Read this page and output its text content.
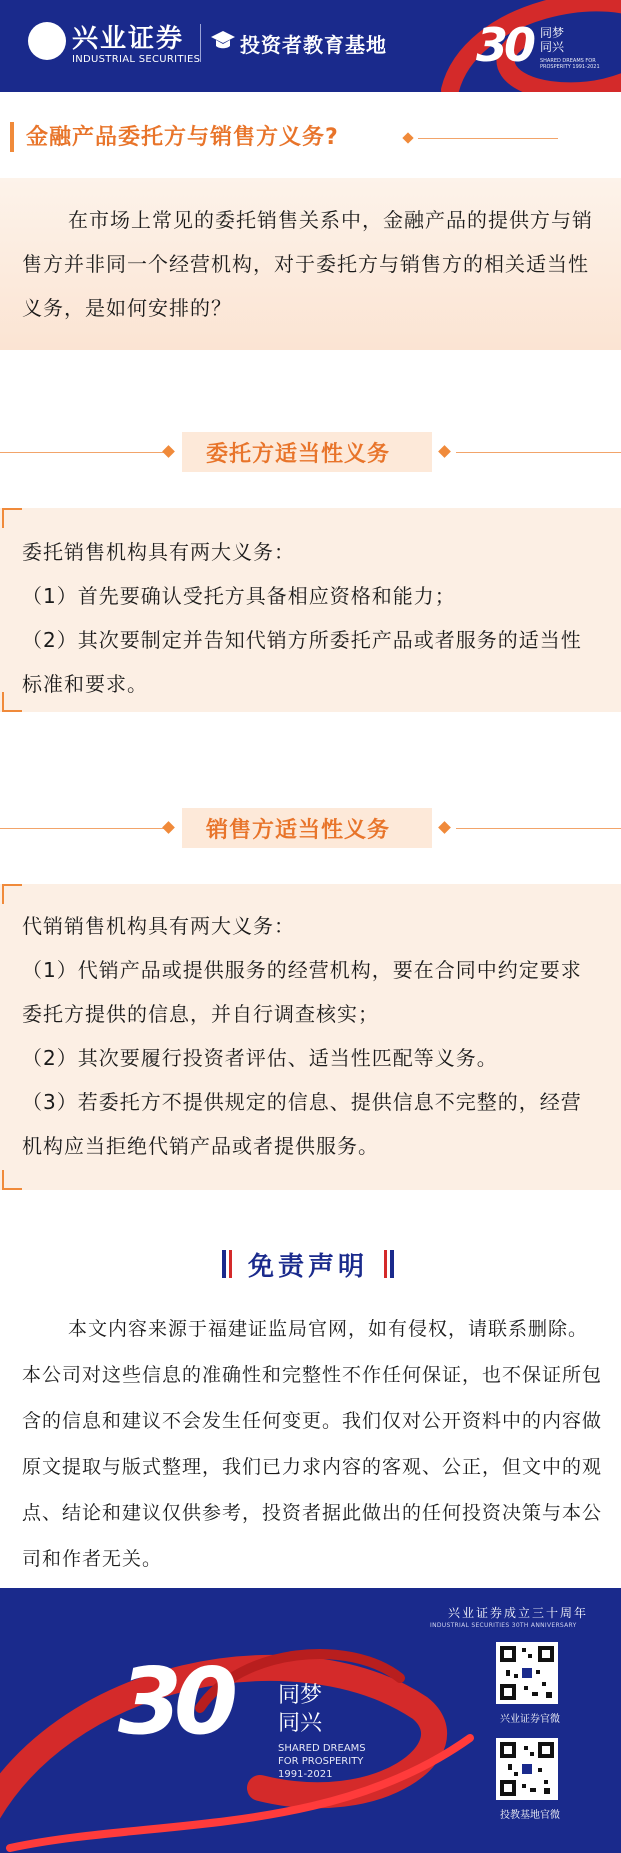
兴业证券
INDUSTRIAL SECURITIES
投资者教育基地 30 同梦
同兴
SHARED DREAMS FOR PROSPERITY 1991-2021
金融产品委托方与销售方义务?
在市场上常见的委托销售关系中，金融产品的提供方与销售方并非同一个经营机构，对于委托方与销售方的相关适当性义务，是如何安排的？
委托方适当性义务
委托销售机构具有两大义务：
（1）首先要确认受托方具备相应资格和能力；
（2）其次要制定并告知代销方所委托产品或者服务的适当性标准和要求。
销售方适当性义务
代销销售机构具有两大义务：
（1）代销产品或提供服务的经营机构，要在合同中约定要求委托方提供的信息，并自行调查核实；
（2）其次要履行投资者评估、适当性匹配等义务。
（3）若委托方不提供规定的信息、提供信息不完整的，经营机构应当拒绝代销产品或者提供服务。
免责声明
本文内容来源于福建证监局官网，如有侵权，请联系删除。本公司对这些信息的准确性和完整性不作任何保证，也不保证所包含的信息和建议不会发生任何变更。我们仅对公开资料中的内容做原文提取与版式整理，我们已力求内容的客观、公正，但文中的观点、结论和建议仅供参考，投资者据此做出的任何投资决策与本公司和作者无关。
兴业证券成立三十周年
INDUSTRIAL SECURITIES 30TH ANNIVERSARY
30 同梦
同兴
SHARED DREAMS
FOR PROSPERITY
1991-2021
兴业证券官微
投教基地官微
